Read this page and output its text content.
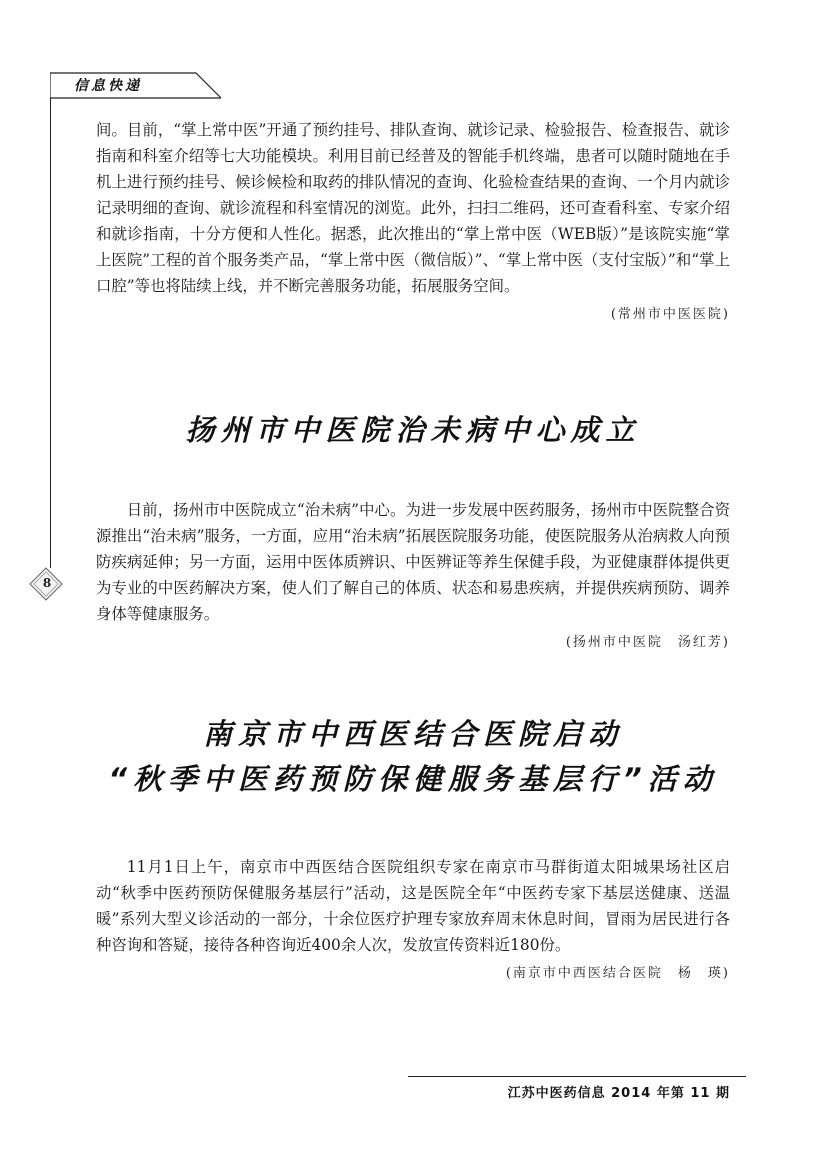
信息快递
8

间。目前，“掌上常中医”开通了预约挂号、排队查询、就诊记录、检验报告、检查报告、就诊指南和科室介绍等七大功能模块。利用目前已经普及的智能手机终端，患者可以随时随地在手机上进行预约挂号、候诊候检和取药的排队情况的查询、化验检查结果的查询、一个月内就诊记录明细的查询、就诊流程和科室情况的浏览。此外，扫扫二维码，还可查看科室、专家介绍和就诊指南，十分方便和人性化。据悉，此次推出的“掌上常中医（WEB版）”是该院实施“掌上医院”工程的首个服务类产品，“掌上常中医（微信版）”、“掌上常中医（支付宝版）”和“掌上口腔”等也将陆续上线，并不断完善服务功能，拓展服务空间。

(常州市中医医院)
扬州市中医院治未病中心成立

日前，扬州市中医院成立“治未病”中心。为进一步发展中医药服务，扬州市中医院整合资源推出“治未病”服务，一方面，应用“治未病”拓展医院服务功能，使医院服务从治病救人向预防疾病延伸；另一方面，运用中医体质辨识、中医辨证等养生保健手段，为亚健康群体提供更为专业的中医药解决方案，使人们了解自己的体质、状态和易患疾病，并提供疾病预防、调养身体等健康服务。

(扬州市中医院　汤红芳)
南京市中西医结合医院启动
“秋季中医药预防保健服务基层行”活动

11月1日上午，南京市中西医结合医院组织专家在南京市马群街道太阳城果场社区启动“秋季中医药预防保健服务基层行”活动，这是医院全年“中医药专家下基层送健康、送温暖”系列大型义诊活动的一部分，十余位医疗护理专家放弃周末休息时间，冒雨为居民进行各种咨询和答疑，接待各种咨询近400余人次，发放宣传资料近180份。

(南京市中西医结合医院　杨　瑛)
江苏中医药信息 2014 年第 11 期
